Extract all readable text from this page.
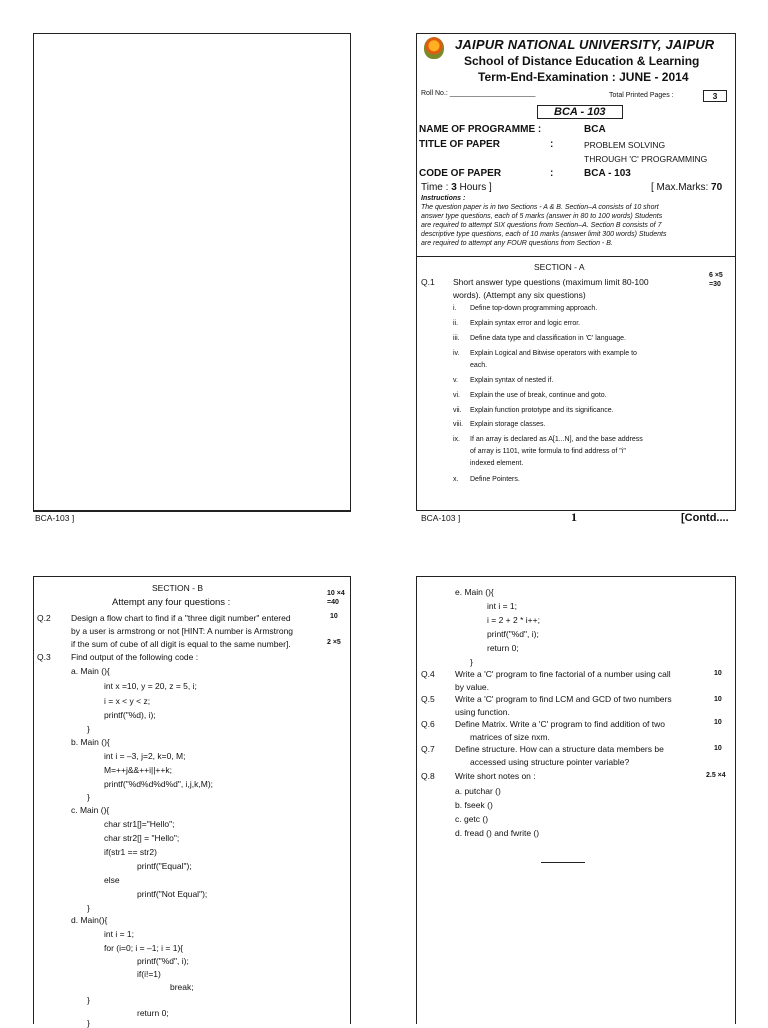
BCA-103 ]
JAIPUR NATIONAL UNIVERSITY, JAIPUR
School of Distance Education & Learning
Term-End-Examination : JUNE - 2014
Roll No.: ______________________	Total Printed Pages :	3
BCA - 103
NAME OF PROGRAMME :	BCA
TITLE OF PAPER	:	PROBLEM SOLVING
THROUGH 'C' PROGRAMMING
CODE OF PAPER	:	BCA - 103
Time : 3 Hours ]	[ Max.Marks: 70
Instructions :
The question paper is in two Sections - A & B. Section–A consists of 10 short
answer type questions, each of 5 marks (answer in 80 to 100 words) Students
are required to attempt SIX questions from Section–A. Section B consists of 7
descriptive type questions, each of 10 marks (answer limit 300 words) Students
are required to attempt any FOUR questions from Section - B.
SECTION - A
Q.1 Short answer type questions (maximum limit 80-100
words). (Attempt any six questions)
6 ×5
=30
i. Define top-down programming approach.
ii. Explain syntax error and logic error.
iii. Define data type and classification in 'C' language.
iv. Explain Logical and Bitwise operators with example to
each.
v. Explain syntax of nested if.
vi. Explain the use of break, continue and goto.
vii. Explain function prototype and its significance.
viii. Explain storage classes.
ix. If an array is declared as A[1...N], and the base address
of array is 1101, write formula to find address of "i"
indexed element.
x. Define Pointers.
BCA-103 ]	1	[Contd....
SECTION - B
Attempt any four questions :
10 ×4
=40
Q.2 Design a flow chart to find if a "three digit number" entered
by a user is armstrong or not [HINT: A number is Armstrong
if the sum of cube of all digit is equal to the same number].
10
2 ×5
Q.3 Find output of the following code :
a. Main (){
int x =10, y = 20, z = 5, i;
i = x < y < z;
printf("%d), i);
}
b. Main (){
int i = –3, j=2, k=0, M;
M=++j&&++i||++k;
printf("%d%d%d%d", i,j,k,M);
}
c. Main (){
char str1[]="Hello";
char str2[] = "Hello";
if(str1 == str2)
printf("Equal");
else
printf("Not Equal");
}
d. Main(){
int i = 1;
for (i=0; i = –1; i = 1){
printf("%d", i);
if(i!=1)
break;
}
return 0;
}
e. Main (){
int i = 1;
i = 2 + 2 * i++;
printf("%d", i);
return 0;
}
Q.4 Write a 'C' program to fine factorial of a number using call
by value.
10
Q.5 Write a 'C' program to find LCM and GCD of two numbers
using function.
10
Q.6 Define Matrix. Write a 'C' program to find addition of two
matrices of size nxm.
10
Q.7 Define structure. How can a structure data members be
accessed using structure pointer variable?
10
Q.8 Write short notes on :	2.5 ×4
a. putchar ()
b. fseek ()
c. getc ()
d. fread () and fwrite ()
